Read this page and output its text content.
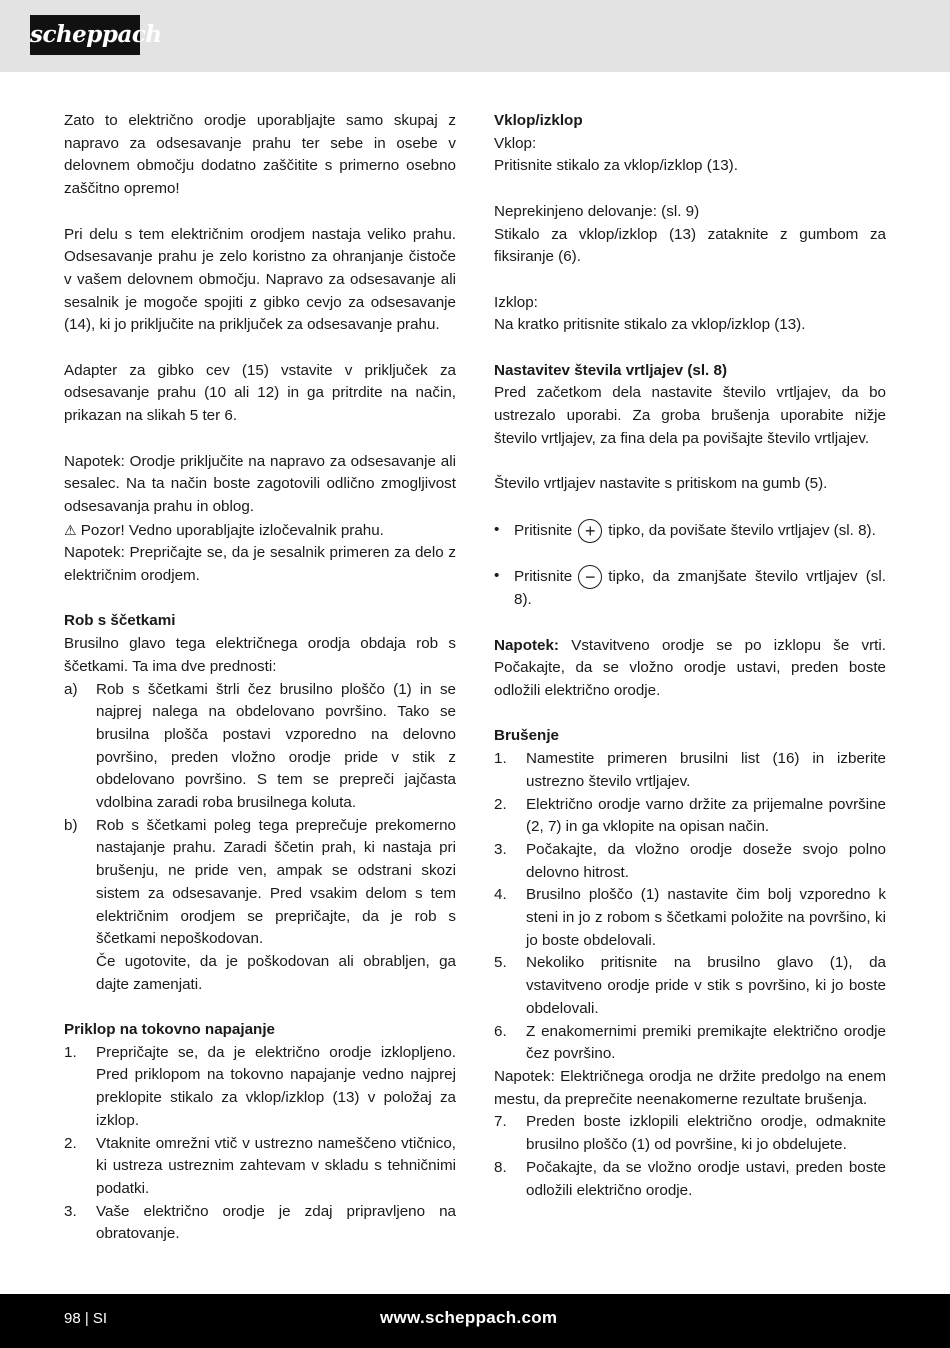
scheppach

Zato to električno orodje uporabljajte samo skupaj z napravo za odsesavanje prahu ter sebe in osebe v delovnem območju dodatno zaščitite s primerno osebno zaščitno opremo!

Pri delu s tem električnim orodjem nastaja veliko prahu. Odsesavanje prahu je zelo koristno za ohranjanje čistoče v vašem delovnem območju. Napravo za odsesavanje ali sesalnik je mogoče spojiti z gibko cevjo za odsesavanje (14), ki jo priključite na priključek za odsesavanje prahu.

Adapter za gibko cev (15) vstavite v priključek za odsesavanje prahu (10 ali 12) in ga pritrdite na način, prikazan na slikah 5 ter 6.

Napotek: Orodje priključite na napravo za odsesavanje ali sesalec. Na ta način boste zagotovili odlično zmogljivost odsesavanja prahu in oblog.

⚠ Pozor! Vedno uporabljajte izločevalnik prahu.

Napotek: Prepričajte se, da je sesalnik primeren za delo z električnim orodjem.

Rob s ščetkami

Brusilno glavo tega električnega orodja obdaja rob s ščetkami. Ta ima dve prednosti:

a) Rob s ščetkami štrli čez brusilno ploščo (1) in se najprej nalega na obdelovano površino. Tako se brusilna plošča postavi vzporedno na delovno površino, preden vložno orodje pride v stik z obdelovano površino. S tem se prepreči jajčasta vdolbina zaradi roba brusilnega koluta.
b) Rob s ščetkami poleg tega preprečuje prekomerno nastajanje prahu. Zaradi ščetin prah, ki nastaja pri brušenju, ne pride ven, ampak se odstrani skozi sistem za odsesavanje. Pred vsakim delom s tem električnim orodjem se prepričajte, da je rob s ščetkami nepoškodovan.
Če ugotovite, da je poškodovan ali obrabljen, ga dajte zamenjati.
Priklop na tokovno napajanje
1. Prepričajte se, da je električno orodje izklopljeno. Pred priklopom na tokovno napajanje vedno najprej preklopite stikalo za vklop/izklop (13) v položaj za izklop.
2. Vtaknite omrežni vtič v ustrezno nameščeno vtičnico, ki ustreza ustreznim zahtevam v skladu s tehničnimi podatki.
3. Vaše električno orodje je zdaj pripravljeno na obratovanje.
Vklop/izklop

Vklop:

Pritisnite stikalo za vklop/izklop (13).

Neprekinjeno delovanje: (sl. 9)

Stikalo za vklop/izklop (13) zataknite z gumbom za fiksiranje (6).

Izklop:

Na kratko pritisnite stikalo za vklop/izklop (13).

Nastavitev števila vrtljajev (sl. 8)

Pred začetkom dela nastavite število vrtljajev, da bo ustrezalo uporabi. Za groba brušenja uporabite nižje število vrtljajev, za fina dela pa povišajte število vrtljajev.

Število vrtljajev nastavite s pritiskom na gumb (5).

• Pritisnite + tipko, da povišate število vrtljajev (sl. 8).
• Pritisnite − tipko, da zmanjšate število vrtljajev (sl. 8).

Napotek: Vstavitveno orodje se po izklopu še vrti. Počakajte, da se vložno orodje ustavi, preden boste odložili električno orodje.

Brušenje
1. Namestite primeren brusilni list (16) in izberite ustrezno število vrtljajev.
2. Električno orodje varno držite za prijemalne površine (2, 7) in ga vklopite na opisan način.
3. Počakajte, da vložno orodje doseže svojo polno delovno hitrost.
4. Brusilno ploščo (1) nastavite čim bolj vzporedno k steni in jo z robom s ščetkami položite na površino, ki jo boste obdelovali.
5. Nekoliko pritisnite na brusilno glavo (1), da vstavitveno orodje pride v stik s površino, ki jo boste obdelovali.
6. Z enakomernimi premiki premikajte električno orodje čez površino.

Napotek: Električnega orodja ne držite predolgo na enem mestu, da preprečite neenakomerne rezultate brušenja.

7. Preden boste izklopili električno orodje, odmaknite brusilno ploščo (1) od površine, ki jo obdelujete.
8. Počakajte, da se vložno orodje ustavi, preden boste odložili električno orodje.
98 | SI	www.scheppach.com
